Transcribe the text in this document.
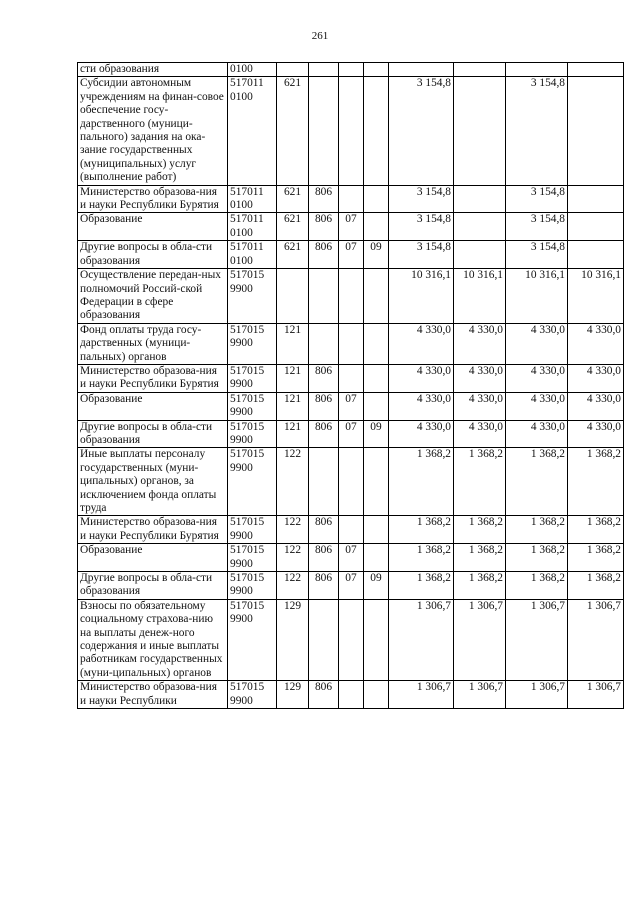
261
сти образования	0100								
Субсидии автономным учреждениям на финан-совое обеспечение госу-дарственного (муници-пального) задания на ока-зание государственных (муниципальных) услуг (выполнение работ)	517011 0100	621				3 154,8		3 154,8	
Министерство образова-ния и науки Республики Бурятия	517011 0100	621	806			3 154,8		3 154,8	
Образование	517011 0100	621	806	07		3 154,8		3 154,8	
Другие вопросы в обла-сти образования	517011 0100	621	806	07	09	3 154,8		3 154,8	
Осуществление передан-ных полномочий Россий-ской Федерации в сфере образования	517015 9900					10 316,1	10 316,1	10 316,1	10 316,1
Фонд оплаты труда госу-дарственных (муници-пальных) органов	517015 9900	121				4 330,0	4 330,0	4 330,0	4 330,0
Министерство образова-ния и науки Республики Бурятия	517015 9900	121	806			4 330,0	4 330,0	4 330,0	4 330,0
Образование	517015 9900	121	806	07		4 330,0	4 330,0	4 330,0	4 330,0
Другие вопросы в обла-сти образования	517015 9900	121	806	07	09	4 330,0	4 330,0	4 330,0	4 330,0
Иные выплаты персоналу государственных (муни-ципальных) органов, за исключением фонда оплаты труда	517015 9900	122				1 368,2	1 368,2	1 368,2	1 368,2
Министерство образова-ния и науки Республики Бурятия	517015 9900	122	806			1 368,2	1 368,2	1 368,2	1 368,2
Образование	517015 9900	122	806	07		1 368,2	1 368,2	1 368,2	1 368,2
Другие вопросы в обла-сти образования	517015 9900	122	806	07	09	1 368,2	1 368,2	1 368,2	1 368,2
Взносы по обязательному социальному страхова-нию на выплаты денеж-ного содержания и иные выплаты работникам государственных (муни-ципальных) органов	517015 9900	129				1 306,7	1 306,7	1 306,7	1 306,7
Министерство образова-ния и науки Республики	517015 9900	129	806			1 306,7	1 306,7	1 306,7	1 306,7
